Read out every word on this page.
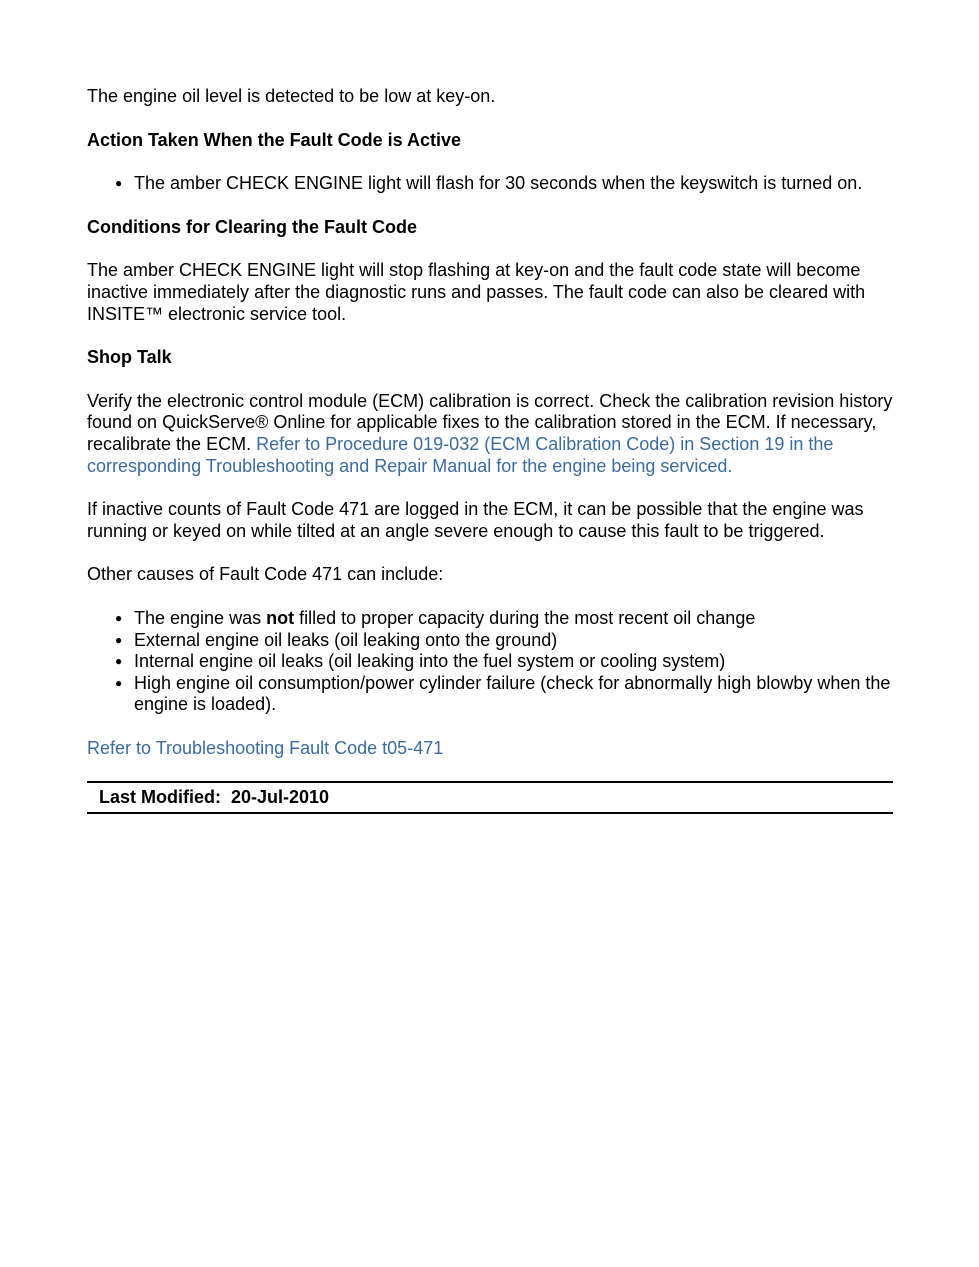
The engine oil level is detected to be low at key-on.

Action Taken When the Fault Code is Active

● The amber CHECK ENGINE light will flash for 30 seconds when the keyswitch is turned on.

Conditions for Clearing the Fault Code

The amber CHECK ENGINE light will stop flashing at key-on and the fault code state will become inactive immediately after the diagnostic runs and passes. The fault code can also be cleared with INSITE™ electronic service tool.

Shop Talk

Verify the electronic control module (ECM) calibration is correct. Check the calibration revision history found on QuickServe® Online for applicable fixes to the calibration stored in the ECM. If necessary, recalibrate the ECM. Refer to Procedure 019-032 (ECM Calibration Code) in Section 19 in the corresponding Troubleshooting and Repair Manual for the engine being serviced.

If inactive counts of Fault Code 471 are logged in the ECM, it can be possible that the engine was running or keyed on while tilted at an angle severe enough to cause this fault to be triggered.

Other causes of Fault Code 471 can include:

● The engine was not filled to proper capacity during the most recent oil change
● External engine oil leaks (oil leaking onto the ground)
● Internal engine oil leaks (oil leaking into the fuel system or cooling system)
● High engine oil consumption/power cylinder failure (check for abnormally high blowby when the engine is loaded).

Refer to Troubleshooting Fault Code t05-471

Last Modified: 20-Jul-2010
